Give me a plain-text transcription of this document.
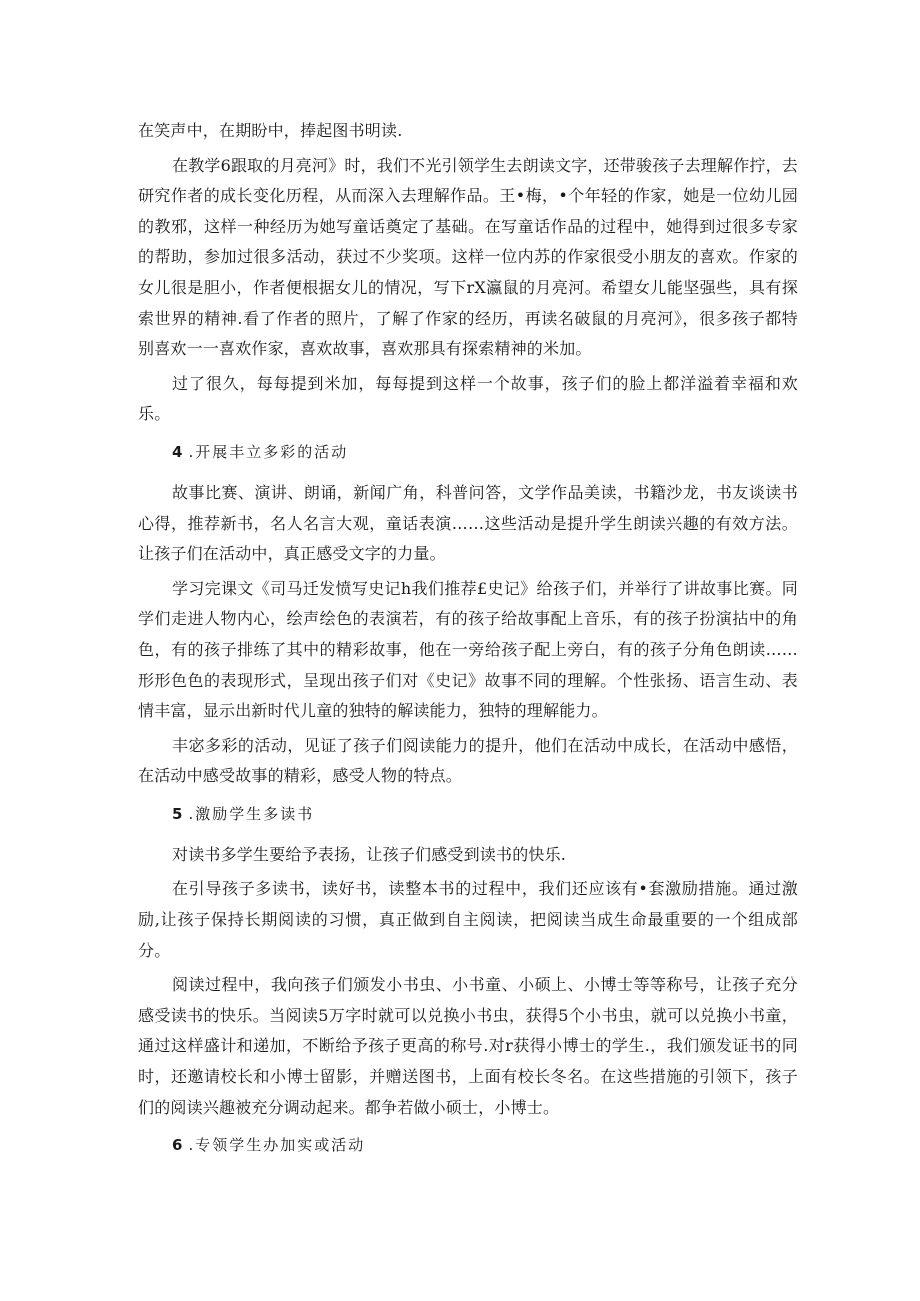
在笑声中，在期盼中，捧起图书明读.

在教学6跟取的月亮河》时，我们不光引领学生去朗读文字，还带骏孩子去理解作拧，去研究作者的成长变化历程，从而深入去理解作品。王•梅，•个年轻的作家，她是一位幼儿园的教邪，这样一种经历为她写童话奠定了基础。在写童话作品的过程中，她得到过很多专家的帮助，参加过很多活动，获过不少奖项。这样一位内苏的作家很受小朋友的喜欢。作家的女儿很是胆小，作者便根据女儿的情况，写下rX瀛鼠的月亮河。希望女儿能坚强些，具有探索世界的精神.看了作者的照片，了解了作家的经历，再读名破鼠的月亮河》，很多孩子都特别喜欢一一喜欢作家，喜欢故事，喜欢那具有探索精神的米加。

过了很久，每每提到米加，每每提到这样一个故事，孩子们的脸上都洋溢着幸福和欢乐。

4 .开展丰立多彩的活动

故事比赛、演讲、朗诵，新闻广角，科普问答，文学作品美读，书籍沙龙，书友谈读书心得，推荐新书，名人名言大观，童话表演……这些活动是提升学生朗读兴趣的有效方法。让孩子们在活动中，真正感受文字的力量。

学习完课文《司马迁发愤写史记h我们推荐£史记》给孩子们，并举行了讲故事比赛。同学们走进人物内心，绘声绘色的表演若，有的孩子给故事配上音乐，有的孩子扮演拈中的角色，有的孩子排练了其中的精彩故事，他在一旁给孩子配上旁白，有的孩子分角色朗读……形形色色的表现形式，呈现出孩子们对《史记》故事不同的理解。个性张扬、语言生动、表情丰富，显示出新时代儿童的独特的解读能力，独特的理解能力。

丰宓多彩的活动，见证了孩子们阅读能力的提升，他们在活动中成长，在活动中感悟，在活动中感受故事的精彩，感受人物的特点。

5 .激励学生多读书

对读书多学生要给予表扬，让孩子们感受到读书的快乐.

在引导孩子多读书，读好书，读整本书的过程中，我们还应该有•套激励措施。通过激励,让孩子保持长期阅读的习惯，真正做到自主阅读，把阅读当成生命最重要的一个组成部分。

阅读过程中，我向孩子们颁发小书虫、小书童、小硕上、小博士等等称号，让孩子充分感受读书的快乐。当阅读5万字时就可以兑换小书虫，获得5个小书虫，就可以兑换小书童，通过这样盛计和递加，不断给予孩子更高的称号.对r获得小博士的学生.，我们颁发证书的同时，还邀请校长和小博士留影，并赠送图书，上面有校长冬名。在这些措施的引领下，孩子们的阅读兴趣被充分调动起来。都争若做小硕士，小博士。

6 .专领学生办加实或活动
